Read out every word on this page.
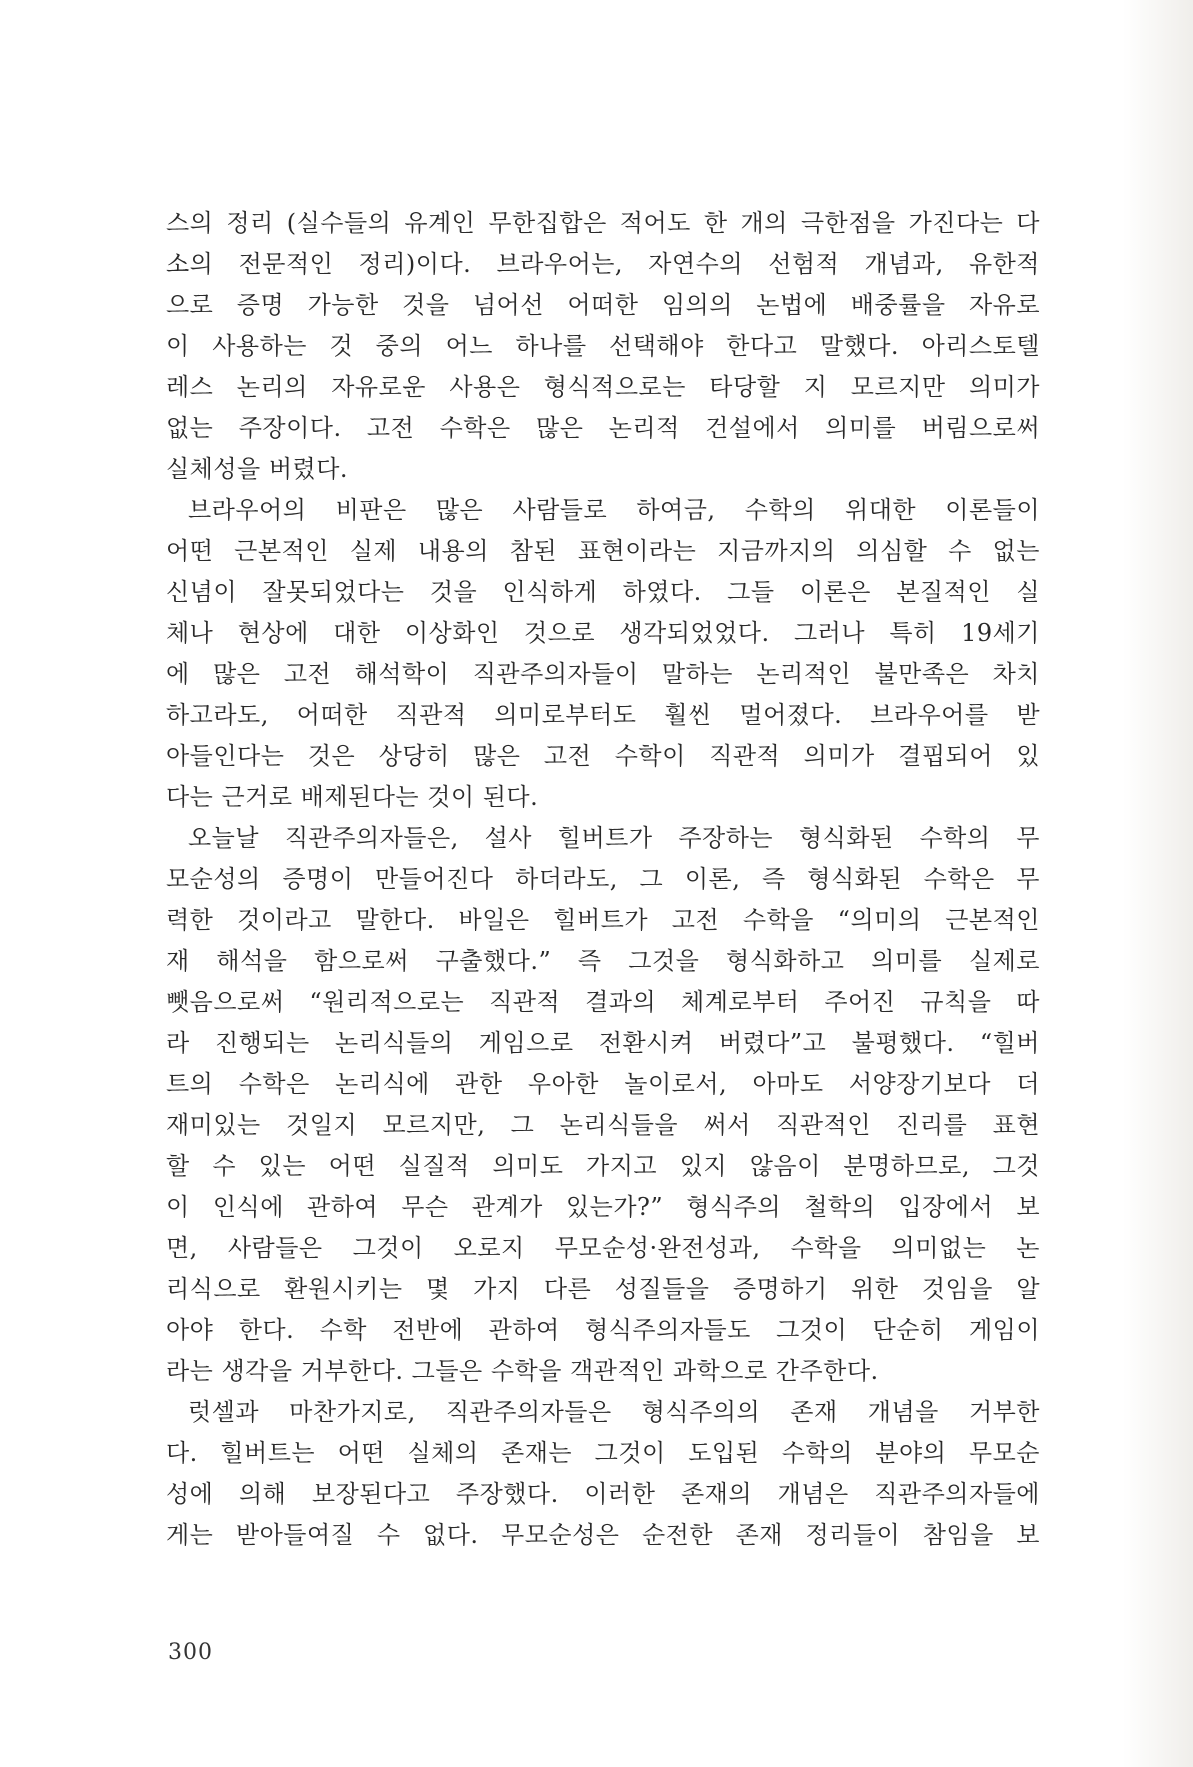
스의 정리 (실수들의 유계인 무한집합은 적어도 한 개의 극한점을 가진다는 다
소의 전문적인 정리)이다. 브라우어는, 자연수의 선험적 개념과, 유한적
으로 증명 가능한 것을 넘어선 어떠한 임의의 논법에 배중률을 자유로
이 사용하는 것 중의 어느 하나를 선택해야 한다고 말했다. 아리스토텔
레스 논리의 자유로운 사용은 형식적으로는 타당할 지 모르지만 의미가
없는 주장이다. 고전 수학은 많은 논리적 건설에서 의미를 버림으로써
실체성을 버렸다.
브라우어의 비판은 많은 사람들로 하여금, 수학의 위대한 이론들이
어떤 근본적인 실제 내용의 참된 표현이라는 지금까지의 의심할 수 없는
신념이 잘못되었다는 것을 인식하게 하였다. 그들 이론은 본질적인 실
체나 현상에 대한 이상화인 것으로 생각되었었다. 그러나 특히 19세기
에 많은 고전 해석학이 직관주의자들이 말하는 논리적인 불만족은 차치
하고라도, 어떠한 직관적 의미로부터도 훨씬 멀어졌다. 브라우어를 받
아들인다는 것은 상당히 많은 고전 수학이 직관적 의미가 결핍되어 있
다는 근거로 배제된다는 것이 된다.
오늘날 직관주의자들은, 설사 힐버트가 주장하는 형식화된 수학의 무
모순성의 증명이 만들어진다 하더라도, 그 이론, 즉 형식화된 수학은 무
력한 것이라고 말한다. 바일은 힐버트가 고전 수학을 “의미의 근본적인
재 해석을 함으로써 구출했다.” 즉 그것을 형식화하고 의미를 실제로
뺏음으로써 “원리적으로는 직관적 결과의 체계로부터 주어진 규칙을 따
라 진행되는 논리식들의 게임으로 전환시켜 버렸다”고 불평했다. “힐버
트의 수학은 논리식에 관한 우아한 놀이로서, 아마도 서양장기보다 더
재미있는 것일지 모르지만, 그 논리식들을 써서 직관적인 진리를 표현
할 수 있는 어떤 실질적 의미도 가지고 있지 않음이 분명하므로, 그것
이 인식에 관하여 무슨 관계가 있는가?” 형식주의 철학의 입장에서 보
면, 사람들은 그것이 오로지 무모순성·완전성과, 수학을 의미없는 논
리식으로 환원시키는 몇 가지 다른 성질들을 증명하기 위한 것임을 알
아야 한다. 수학 전반에 관하여 형식주의자들도 그것이 단순히 게임이
라는 생각을 거부한다. 그들은 수학을 객관적인 과학으로 간주한다.
럿셀과 마찬가지로, 직관주의자들은 형식주의의 존재 개념을 거부한
다. 힐버트는 어떤 실체의 존재는 그것이 도입된 수학의 분야의 무모순
성에 의해 보장된다고 주장했다. 이러한 존재의 개념은 직관주의자들에
게는 받아들여질 수 없다. 무모순성은 순전한 존재 정리들이 참임을 보
300
